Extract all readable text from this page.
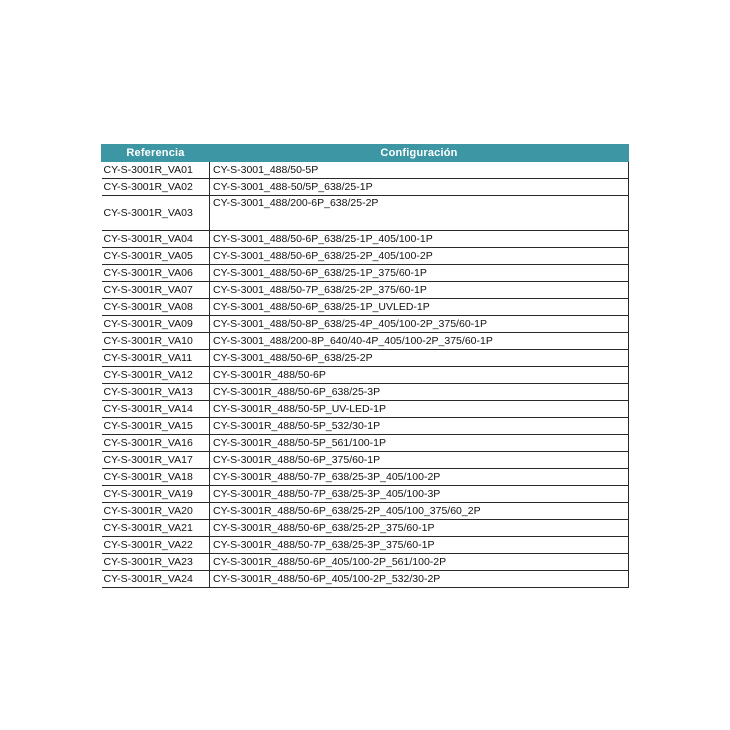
Referencia	Configuración
CY-S-3001R_VA01	CY-S-3001_488/50-5P
CY-S-3001R_VA02	CY-S-3001_488-50/5P_638/25-1P
CY-S-3001R_VA03	CY-S-3001_488/200-6P_638/25-2P
CY-S-3001R_VA04	CY-S-3001_488/50-6P_638/25-1P_405/100-1P
CY-S-3001R_VA05	CY-S-3001_488/50-6P_638/25-2P_405/100-2P
CY-S-3001R_VA06	CY-S-3001_488/50-6P_638/25-1P_375/60-1P
CY-S-3001R_VA07	CY-S-3001_488/50-7P_638/25-2P_375/60-1P
CY-S-3001R_VA08	CY-S-3001_488/50-6P_638/25-1P_UVLED-1P
CY-S-3001R_VA09	CY-S-3001_488/50-8P_638/25-4P_405/100-2P_375/60-1P
CY-S-3001R_VA10	CY-S-3001_488/200-8P_640/40-4P_405/100-2P_375/60-1P
CY-S-3001R_VA11	CY-S-3001_488/50-6P_638/25-2P
CY-S-3001R_VA12	CY-S-3001R_488/50-6P
CY-S-3001R_VA13	CY-S-3001R_488/50-6P_638/25-3P
CY-S-3001R_VA14	CY-S-3001R_488/50-5P_UV-LED-1P
CY-S-3001R_VA15	CY-S-3001R_488/50-5P_532/30-1P
CY-S-3001R_VA16	CY-S-3001R_488/50-5P_561/100-1P
CY-S-3001R_VA17	CY-S-3001R_488/50-6P_375/60-1P
CY-S-3001R_VA18	CY-S-3001R_488/50-7P_638/25-3P_405/100-2P
CY-S-3001R_VA19	CY-S-3001R_488/50-7P_638/25-3P_405/100-3P
CY-S-3001R_VA20	CY-S-3001R_488/50-6P_638/25-2P_405/100_375/60_2P
CY-S-3001R_VA21	CY-S-3001R_488/50-6P_638/25-2P_375/60-1P
CY-S-3001R_VA22	CY-S-3001R_488/50-7P_638/25-3P_375/60-1P
CY-S-3001R_VA23	CY-S-3001R_488/50-6P_405/100-2P_561/100-2P
CY-S-3001R_VA24	CY-S-3001R_488/50-6P_405/100-2P_532/30-2P
